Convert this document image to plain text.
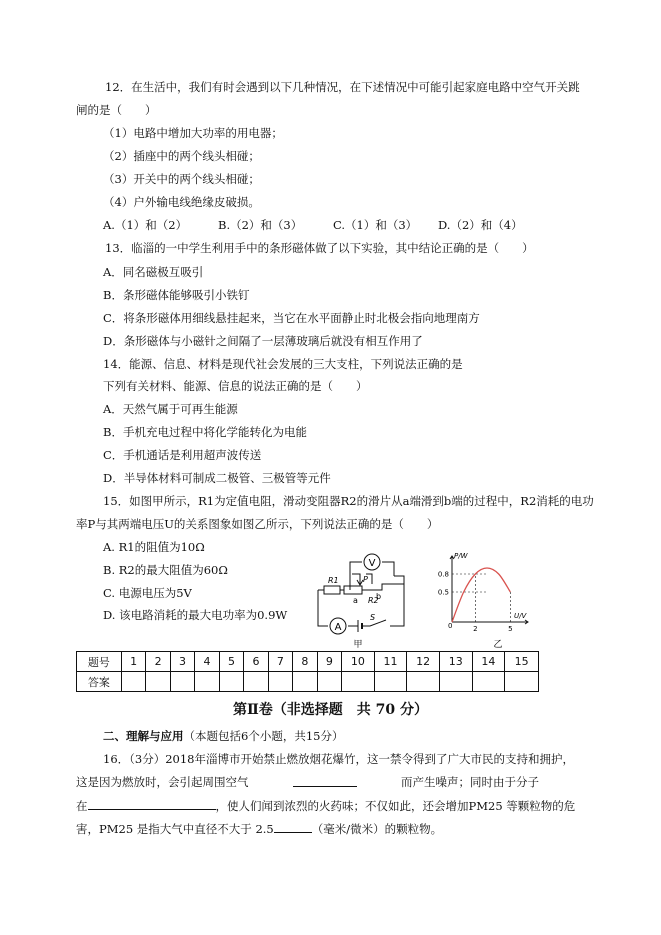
12．在生活中，我们有时会遇到以下几种情况，在下述情况中可能引起家庭电路中空气开关跳
闸的是（　　）
（1）电路中增加大功率的用电器；
（2）插座中的两个线头相碰；
（3）开关中的两个线头相碰；
（4）户外输电线绝缘皮破损。
A.（1）和（2）	B.（2）和（3）	C.（1）和（3） D.（2）和（4）
13．临淄的一中学生利用手中的条形磁体做了以下实验，其中结论正确的是（　　）
A．同名磁极互吸引
B．条形磁体能够吸引小铁钉
C．将条形磁体用细线悬挂起来，当它在水平面静止时北极会指向地理南方
D．条形磁体与小磁针之间隔了一层薄玻璃后就没有相互作用了
14．能源、信息、材料是现代社会发展的三大支柱，下列说法正确的是
下列有关材料、能源、信息的说法正确的是（　　）
A．天然气属于可再生能源
B．手机充电过程中将化学能转化为电能
C．手机通话是利用超声波传送
D．半导体材料可制成二极管、三极管等元件
15．如图甲所示，R1为定值电阻，滑动变阻器R2的滑片从a端滑到b端的过程中，R2消耗的电功
率P与其两端电压U的关系图象如图乙所示，下列说法正确的是（　　）
A. R1的阻值为10Ω
B. R2的最大阻值为60Ω
C. 电源电压为5V
D. 该电路消耗的最大电功率为0.9W
V
A
R1
R2
P
a b
S
甲
0.8
0.5
2	5
P/W
U/V
0
乙
题号	1	2	3	4	5	6	7	8	9	10	11	12	13	14	15
答案															
第Ⅱ卷（非选择题　共 70 分）
二、理解与应用（本题包括6个小题，共15分）
16．（3分）2018年淄博市开始禁止燃放烟花爆竹，这一禁令得到了广大市民的支持和拥护，
这是因为燃放时，会引起周围空气	而产生噪声；同时由于分子
在	，使人们闻到浓烈的火药味；不仅如此，还会增加PM25 等颗粒物的危
害，PM25 是指大气中直径不大于 2.5	（毫米/微米）的颗粒物。
